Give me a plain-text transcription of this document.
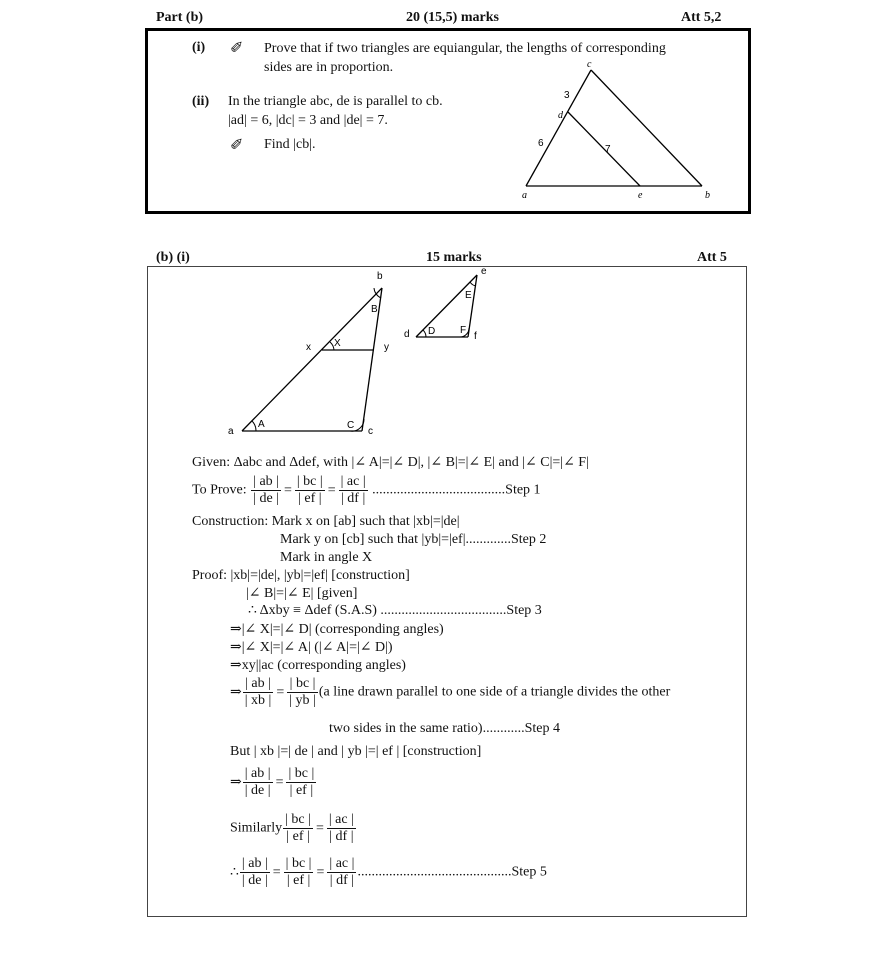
Part (b)	20 (15,5) marks	Att 5,2
(i) ✐ Prove that if two triangles are equiangular, the lengths of corresponding
sides are in proportion.
(ii) In the triangle abc, de is parallel to cb.
|ad| = 6, |dc| = 3 and |de| = 7.
✐ Find |cb|.
a	b
c
d
e
6
3
7
(b) (i)	15 marks	Att 5
a
b
c
x	y
A
B
C
X
d
e
f
D
E
F
Given: Δabc and Δdef, with |∠ A|=|∠ D|, |∠ B|=|∠ E| and |∠ C|=|∠ F|
To Prove: $\frac{| ab |}{| de |} = \frac{| bc |}{| ef |} = \frac{| ac |}{| df |}$ ......................................Step 1
Construction: Mark x on [ab] such that |xb|=|de|
Mark y on [cb] such that |yb|=|ef|.............Step 2
Mark in angle X
Proof: |xb|=|de|, |yb|=|ef| [construction]
|∠ B|=|∠ E| [given]
∴ Δxby ≡ Δdef (S.A.S) ....................................Step 3
⇒|∠ X|=|∠ D| (corresponding angles)
⇒|∠ X|=|∠ A| (|∠ A|=|∠ D|)
⇒xy||ac (corresponding angles)
⇒ $\frac{| ab |}{| xb |} = \frac{| bc |}{| yb |} (a$ line drawn parallel to one side of a triangle divides the other
two sides in the same ratio)............Step 4
But | xb |=| de | and | yb |=| ef | [construction]
⇒ $\frac{| ab |}{| de |} = \frac{| bc |}{| ef |}$
Similarly $\frac{| bc |}{| ef |} = \frac{| ac |}{| df |}$
∴ $\frac{| ab |}{| de |} = \frac{| bc |}{| ef |} = \frac{| ac |}{| df |}$ ............................................Step 5
